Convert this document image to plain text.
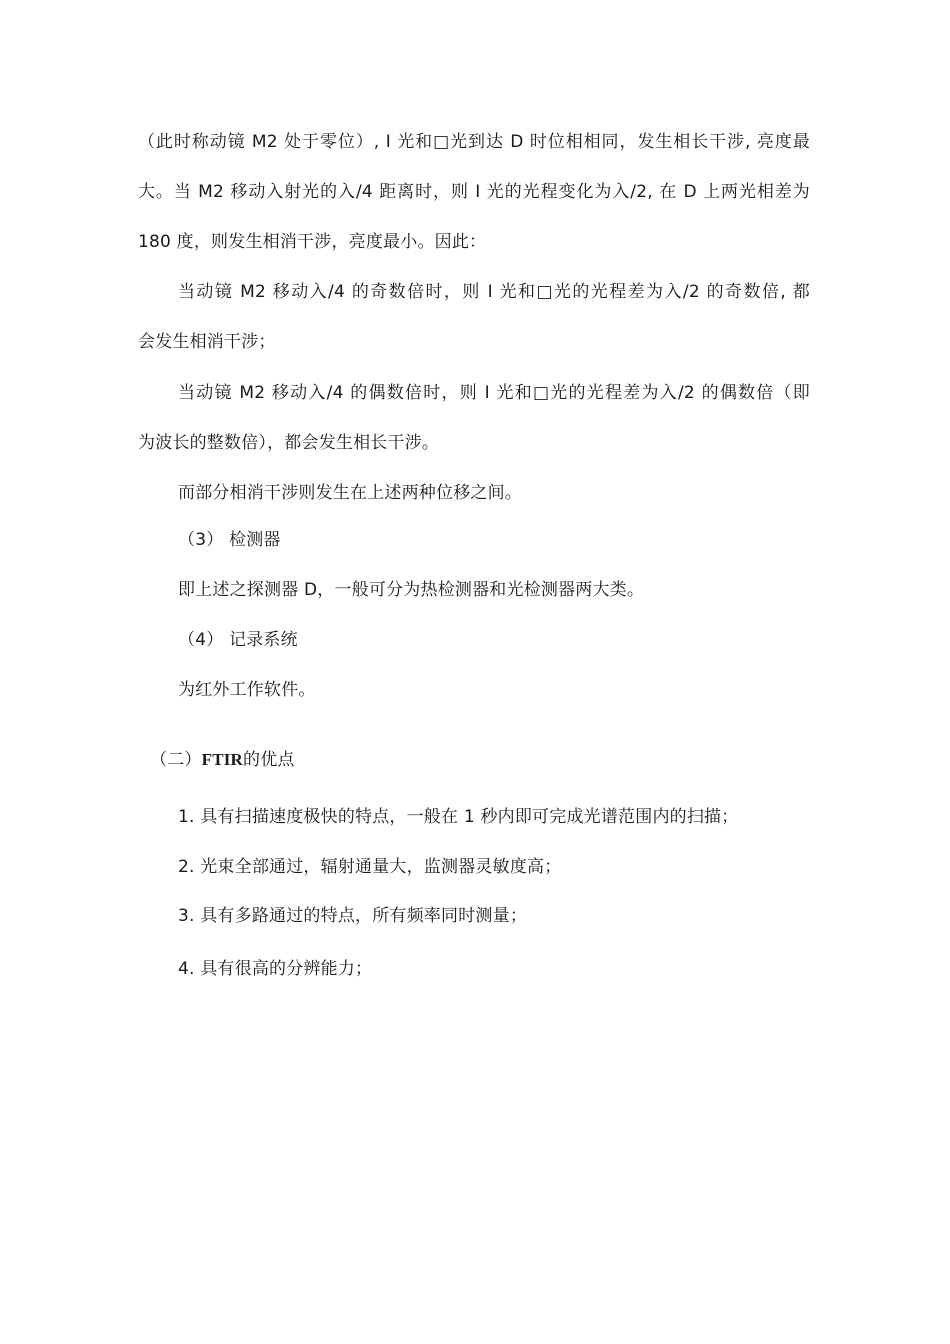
（此时称动镜 M2 处于零位）, I 光和□光到达 D 时位相相同，发生相长干涉, 亮度最
大。当 M2 移动入射光的入/4 距离时，则 I 光的光程变化为入/2, 在 D 上两光相差为
180 度，则发生相消干涉，亮度最小。因此：
当动镜 M2 移动入/4 的奇数倍时，则 I 光和□光的光程差为入/2 的奇数倍, 都
会发生相消干涉；
当动镜 M2 移动入/4 的偶数倍时，则 I 光和□光的光程差为入/2 的偶数倍（即
为波长的整数倍），都会发生相长干涉。
而部分相消干涉则发生在上述两种位移之间。
（3） 检测器
即上述之探测器 D，一般可分为热检测器和光检测器两大类。
（4） 记录系统
为红外工作软件。
（二）FTIR的优点
1. 具有扫描速度极快的特点，一般在 1 秒内即可完成光谱范围内的扫描；
2. 光束全部通过，辐射通量大，监测器灵敏度高；
3. 具有多路通过的特点，所有频率同时测量；
4. 具有很高的分辨能力；
